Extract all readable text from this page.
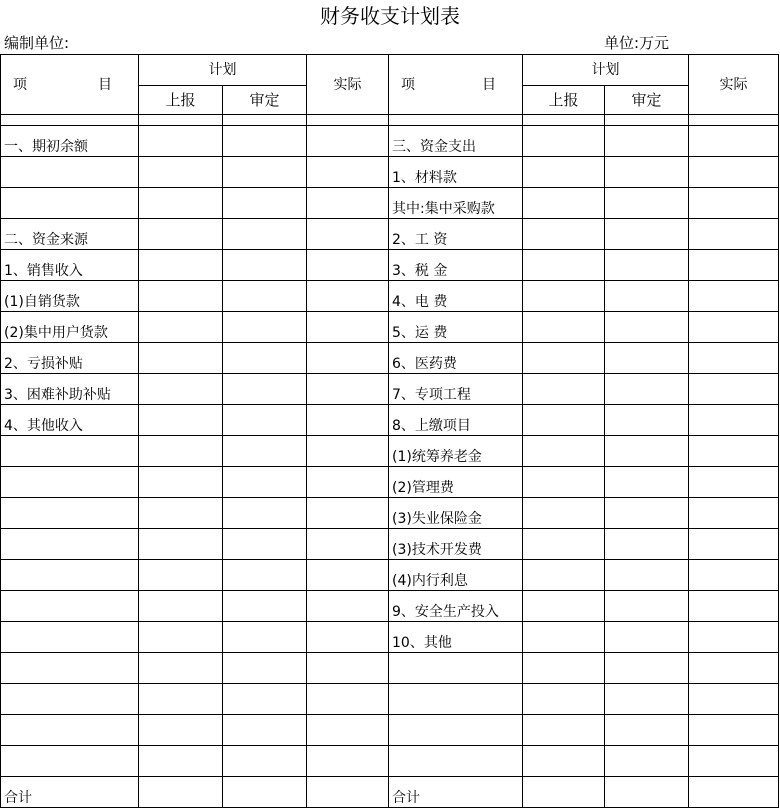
财务收支计划表
编制单位:	单位:万元
项 目	计划		实际	项 目	计划		实际
	上报	审定			上报	审定	

一、期初余额				三、资金支出			
				1、材料款			
				其中:集中采购款			
二、资金来源				2、工 资			
1、销售收入				3、税 金			
(1)自销货款				4、电 费			
(2)集中用户货款				5、运 费			
2、亏损补贴				6、医药费			
3、困难补助补贴				7、专项工程			
4、其他收入				8、上缴项目			
				(1)统筹养老金			
				(2)管理费			
				(3)失业保险金			
				(3)技术开发费			
				(4)内行利息			
				9、安全生产投入			
				10、其他			

合计				合计			
